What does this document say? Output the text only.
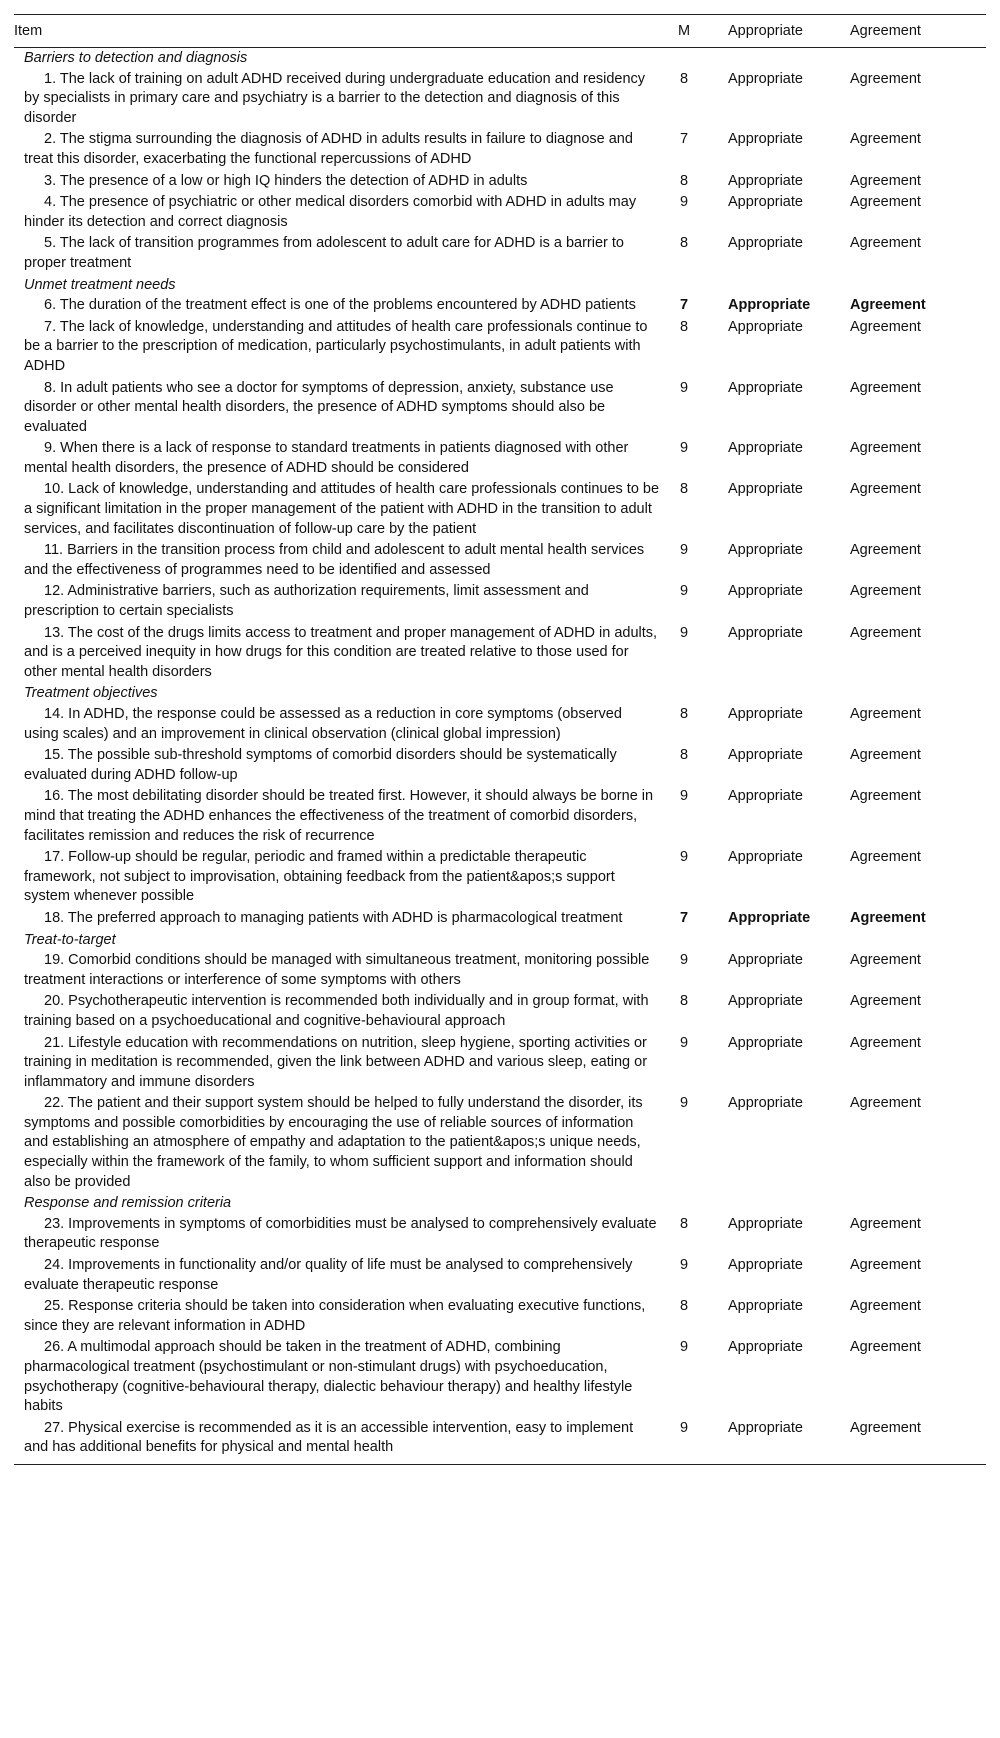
Item	M	Appropriate	Agreement
Barriers to detection and diagnosis			
1. The lack of training on adult ADHD received during undergraduate education and residency by specialists in primary care and psychiatry is a barrier to the detection and diagnosis of this disorder	8	Appropriate	Agreement
2. The stigma surrounding the diagnosis of ADHD in adults results in failure to diagnose and treat this disorder, exacerbating the functional repercussions of ADHD	7	Appropriate	Agreement
3. The presence of a low or high IQ hinders the detection of ADHD in adults	8	Appropriate	Agreement
4. The presence of psychiatric or other medical disorders comorbid with ADHD in adults may hinder its detection and correct diagnosis	9	Appropriate	Agreement
5. The lack of transition programmes from adolescent to adult care for ADHD is a barrier to proper treatment	8	Appropriate	Agreement
Unmet treatment needs			
6. The duration of the treatment effect is one of the problems encountered by ADHD patients	7	Appropriate	Agreement
7. The lack of knowledge, understanding and attitudes of health care professionals continue to be a barrier to the prescription of medication, particularly psychostimulants, in adult patients with ADHD	8	Appropriate	Agreement
8. In adult patients who see a doctor for symptoms of depression, anxiety, substance use disorder or other mental health disorders, the presence of ADHD symptoms should also be evaluated	9	Appropriate	Agreement
9. When there is a lack of response to standard treatments in patients diagnosed with other mental health disorders, the presence of ADHD should be considered	9	Appropriate	Agreement
10. Lack of knowledge, understanding and attitudes of health care professionals continues to be a significant limitation in the proper management of the patient with ADHD in the transition to adult services, and facilitates discontinuation of follow-up care by the patient	8	Appropriate	Agreement
11. Barriers in the transition process from child and adolescent to adult mental health services and the effectiveness of programmes need to be identified and assessed	9	Appropriate	Agreement
12. Administrative barriers, such as authorization requirements, limit assessment and prescription to certain specialists	9	Appropriate	Agreement
13. The cost of the drugs limits access to treatment and proper management of ADHD in adults, and is a perceived inequity in how drugs for this condition are treated relative to those used for other mental health disorders	9	Appropriate	Agreement
Treatment objectives			
14. In ADHD, the response could be assessed as a reduction in core symptoms (observed using scales) and an improvement in clinical observation (clinical global impression)	8	Appropriate	Agreement
15. The possible sub-threshold symptoms of comorbid disorders should be systematically evaluated during ADHD follow-up	8	Appropriate	Agreement
16. The most debilitating disorder should be treated first. However, it should always be borne in mind that treating the ADHD enhances the effectiveness of the treatment of comorbid disorders, facilitates remission and reduces the risk of recurrence	9	Appropriate	Agreement
17. Follow-up should be regular, periodic and framed within a predictable therapeutic framework, not subject to improvisation, obtaining feedback from the patient&apos;s support system whenever possible	9	Appropriate	Agreement
18. The preferred approach to managing patients with ADHD is pharmacological treatment	7	Appropriate	Agreement
Treat-to-target			
19. Comorbid conditions should be managed with simultaneous treatment, monitoring possible treatment interactions or interference of some symptoms with others	9	Appropriate	Agreement
20. Psychotherapeutic intervention is recommended both individually and in group format, with training based on a psychoeducational and cognitive-behavioural approach	8	Appropriate	Agreement
21. Lifestyle education with recommendations on nutrition, sleep hygiene, sporting activities or training in meditation is recommended, given the link between ADHD and various sleep, eating or inflammatory and immune disorders	9	Appropriate	Agreement
22. The patient and their support system should be helped to fully understand the disorder, its symptoms and possible comorbidities by encouraging the use of reliable sources of information and establishing an atmosphere of empathy and adaptation to the patient&apos;s unique needs, especially within the framework of the family, to whom sufficient support and information should also be provided	9	Appropriate	Agreement
Response and remission criteria			
23. Improvements in symptoms of comorbidities must be analysed to comprehensively evaluate therapeutic response	8	Appropriate	Agreement
24. Improvements in functionality and/or quality of life must be analysed to comprehensively evaluate therapeutic response	9	Appropriate	Agreement
25. Response criteria should be taken into consideration when evaluating executive functions, since they are relevant information in ADHD	8	Appropriate	Agreement
26. A multimodal approach should be taken in the treatment of ADHD, combining pharmacological treatment (psychostimulant or non-stimulant drugs) with psychoeducation, psychotherapy (cognitive-behavioural therapy, dialectic behaviour therapy) and healthy lifestyle habits	9	Appropriate	Agreement
27. Physical exercise is recommended as it is an accessible intervention, easy to implement and has additional benefits for physical and mental health	9	Appropriate	Agreement
